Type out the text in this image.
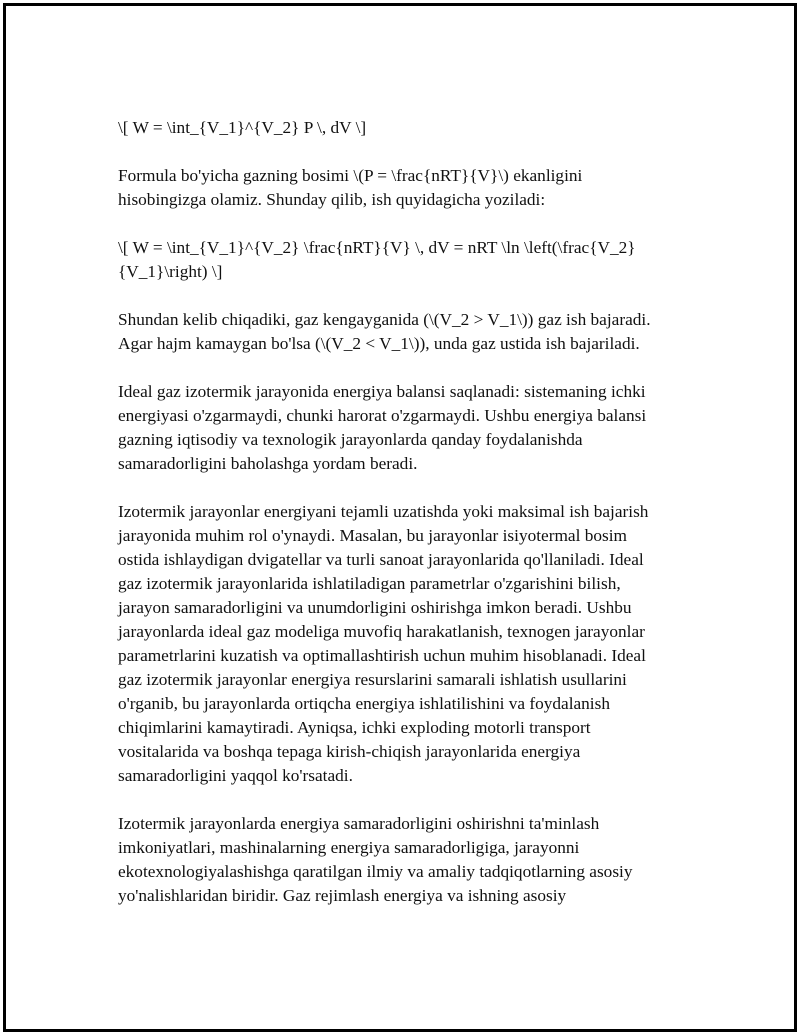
\[ W = \int_{V_1}^{V_2} P \, dV \]

Formula bo'yicha gazning bosimi \(P = \frac{nRT}{V}\) ekanligini
hisobingizga olamiz. Shunday qilib, ish quyidagicha yoziladi:

\[ W = \int_{V_1}^{V_2} \frac{nRT}{V} \, dV = nRT \ln \left(\frac{V_2}
{V_1}\right) \]

Shundan kelib chiqadiki, gaz kengayganida (\(V_2 > V_1\)) gaz ish bajaradi.
Agar hajm kamaygan bo'lsa (\(V_2 < V_1\)), unda gaz ustida ish bajariladi.

Ideal gaz izotermik jarayonida energiya balansi saqlanadi: sistemaning ichki
energiyasi o'zgarmaydi, chunki harorat o'zgarmaydi. Ushbu energiya balansi
gazning iqtisodiy va texnologik jarayonlarda qanday foydalanishda
samaradorligini baholashga yordam beradi.

Izotermik jarayonlar energiyani tejamli uzatishda yoki maksimal ish bajarish
jarayonida muhim rol o'ynaydi. Masalan, bu jarayonlar isiyotermal bosim
ostida ishlaydigan dvigatellar va turli sanoat jarayonlarida qo'llaniladi. Ideal
gaz izotermik jarayonlarida ishlatiladigan parametrlar o'zgarishini bilish,
jarayon samaradorligini va unumdorligini oshirishga imkon beradi. Ushbu
jarayonlarda ideal gaz modeliga muvofiq harakatlanish, texnogen jarayonlar
parametrlarini kuzatish va optimallashtirish uchun muhim hisoblanadi. Ideal
gaz izotermik jarayonlar energiya resurslarini samarali ishlatish usullarini
o'rganib, bu jarayonlarda ortiqcha energiya ishlatilishini va foydalanish
chiqimlarini kamaytiradi. Ayniqsa, ichki exploding motorli transport
vositalarida va boshqa tepaga kirish-chiqish jarayonlarida energiya
samaradorligini yaqqol ko'rsatadi.

Izotermik jarayonlarda energiya samaradorligini oshirishni ta'minlash
imkoniyatlari, mashinalarning energiya samaradorligiga, jarayonni
ekotexnologiyalashishga qaratilgan ilmiy va amaliy tadqiqotlarning asosiy
yo'nalishlaridan biridir. Gaz rejimlash energiya va ishning asosiy
